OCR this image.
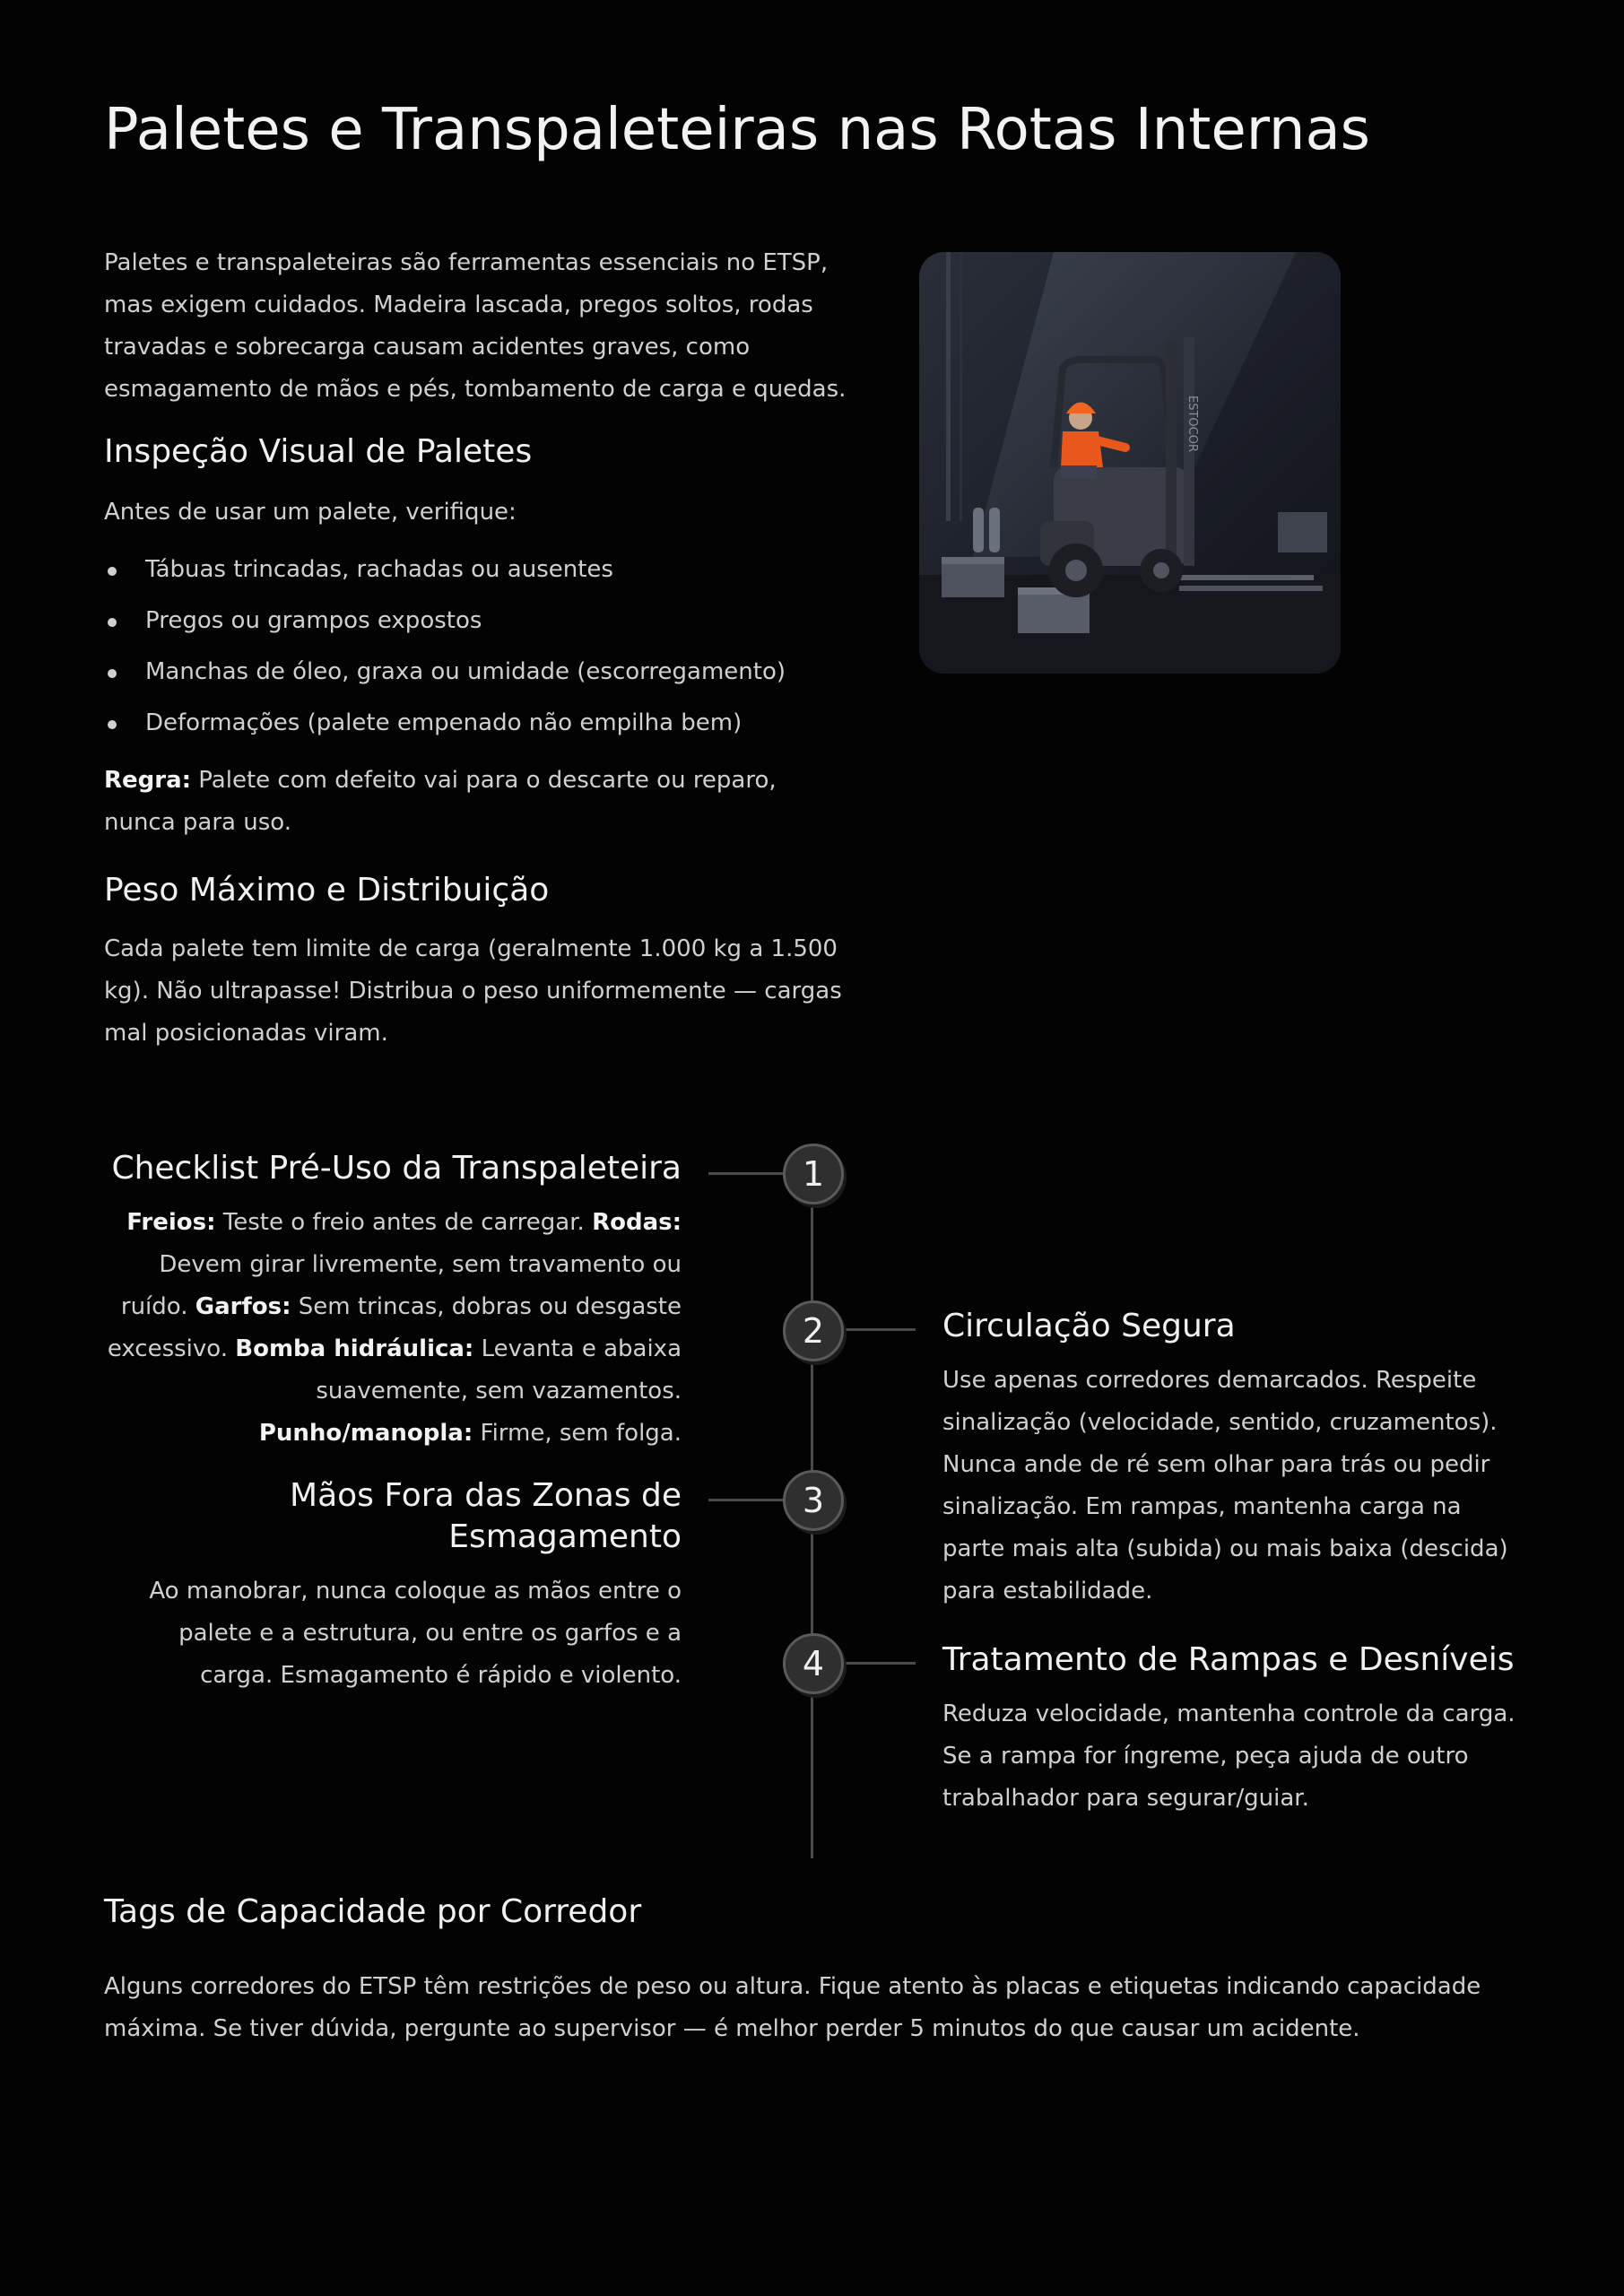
Paletes e Transpaleteiras nas Rotas Internas

Paletes e transpaleteiras são ferramentas essenciais no ETSP, mas exigem cuidados. Madeira lascada, pregos soltos, rodas travadas e sobrecarga causam acidentes graves, como esmagamento de mãos e pés, tombamento de carga e quedas.

Inspeção Visual de Paletes

Antes de usar um palete, verifique:

Tábuas trincadas, rachadas ou ausentes
Pregos ou grampos expostos
Manchas de óleo, graxa ou umidade (escorregamento)
Deformações (palete empenado não empilha bem)

Regra: Palete com defeito vai para o descarte ou reparo, nunca para uso.

Peso Máximo e Distribuição

Cada palete tem limite de carga (geralmente 1.000 kg a 1.500 kg). Não ultrapasse! Distribua o peso uniformemente — cargas mal posicionadas viram.

ESTOCOR
1
Checklist Pré-Uso da Transpaleteira

Freios: Teste o freio antes de carregar. Rodas: Devem girar livremente, sem travamento ou ruído. Garfos: Sem trincas, dobras ou desgaste excessivo. Bomba hidráulica: Levanta e abaixa suavemente, sem vazamentos. Punho/manopla: Firme, sem folga.

2	Circulação Segura

Use apenas corredores demarcados. Respeite sinalização (velocidade, sentido, cruzamentos). Nunca ande de ré sem olhar para trás ou pedir sinalização. Em rampas, mantenha carga na parte mais alta (subida) ou mais baixa (descida) para estabilidade.

3
Mãos Fora das Zonas de Esmagamento

Ao manobrar, nunca coloque as mãos entre o palete e a estrutura, ou entre os garfos e a carga. Esmagamento é rápido e violento.	4	Tratamento de Rampas e Desníveis

Reduza velocidade, mantenha controle da carga. Se a rampa for íngreme, peça ajuda de outro trabalhador para segurar/guiar.

Tags de Capacidade por Corredor

Alguns corredores do ETSP têm restrições de peso ou altura. Fique atento às placas e etiquetas indicando capacidade máxima. Se tiver dúvida, pergunte ao supervisor — é melhor perder 5 minutos do que causar um acidente.
